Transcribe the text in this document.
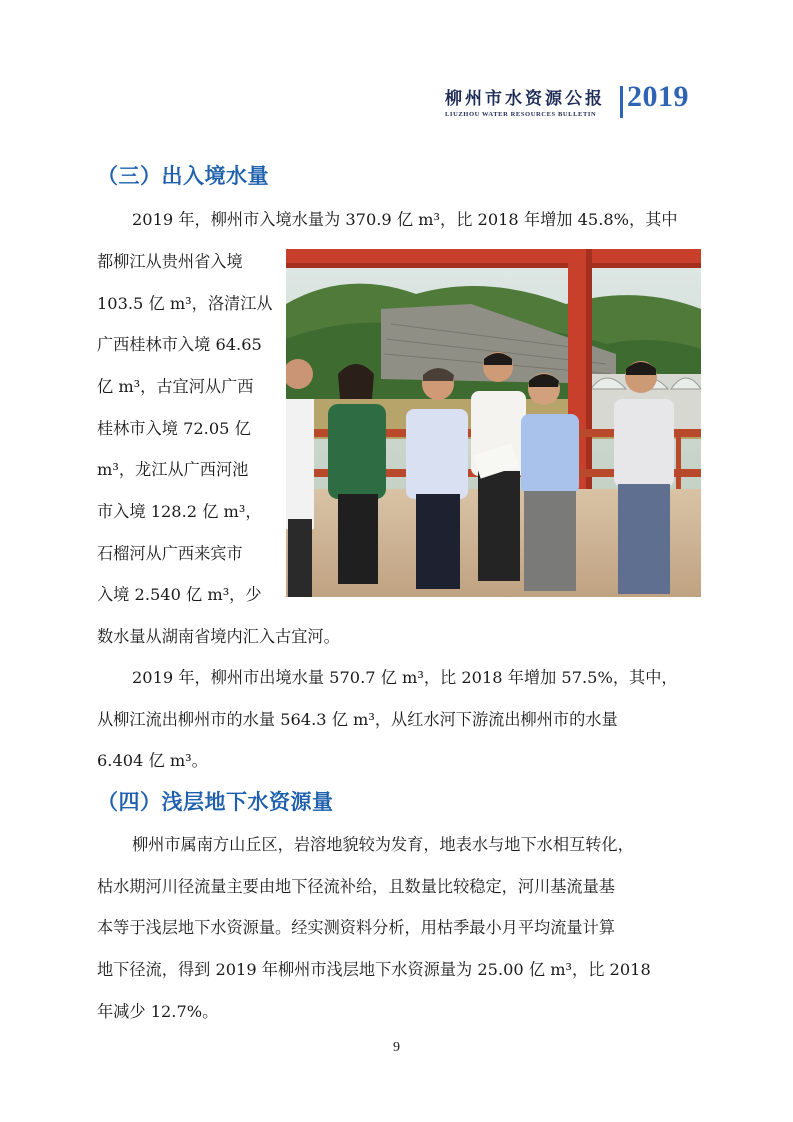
柳州市水资源公报
LIUZHOU WATER RESOURCES BULLETIN
2019
（三）出入境水量
2019 年，柳州市入境水量为 370.9 亿 m³，比 2018 年增加 45.8%，其中
都柳江从贵州省入境
103.5 亿 m³，洛清江从
广西桂林市入境 64.65
亿 m³，古宜河从广西
桂林市入境 72.05 亿
m³，龙江从广西河池
市入境 128.2 亿 m³，
石榴河从广西来宾市
入境 2.540 亿 m³，少
数水量从湖南省境内汇入古宜河。
2019 年，柳州市出境水量 570.7 亿 m³，比 2018 年增加 57.5%，其中，
从柳江流出柳州市的水量 564.3 亿 m³，从红水河下游流出柳州市的水量
6.404 亿 m³。
（四）浅层地下水资源量
柳州市属南方山丘区，岩溶地貌较为发育，地表水与地下水相互转化，
枯水期河川径流量主要由地下径流补给，且数量比较稳定，河川基流量基
本等于浅层地下水资源量。经实测资料分析，用枯季最小月平均流量计算
地下径流，得到 2019 年柳州市浅层地下水资源量为 25.00 亿 m³，比 2018
年减少 12.7%。
9
